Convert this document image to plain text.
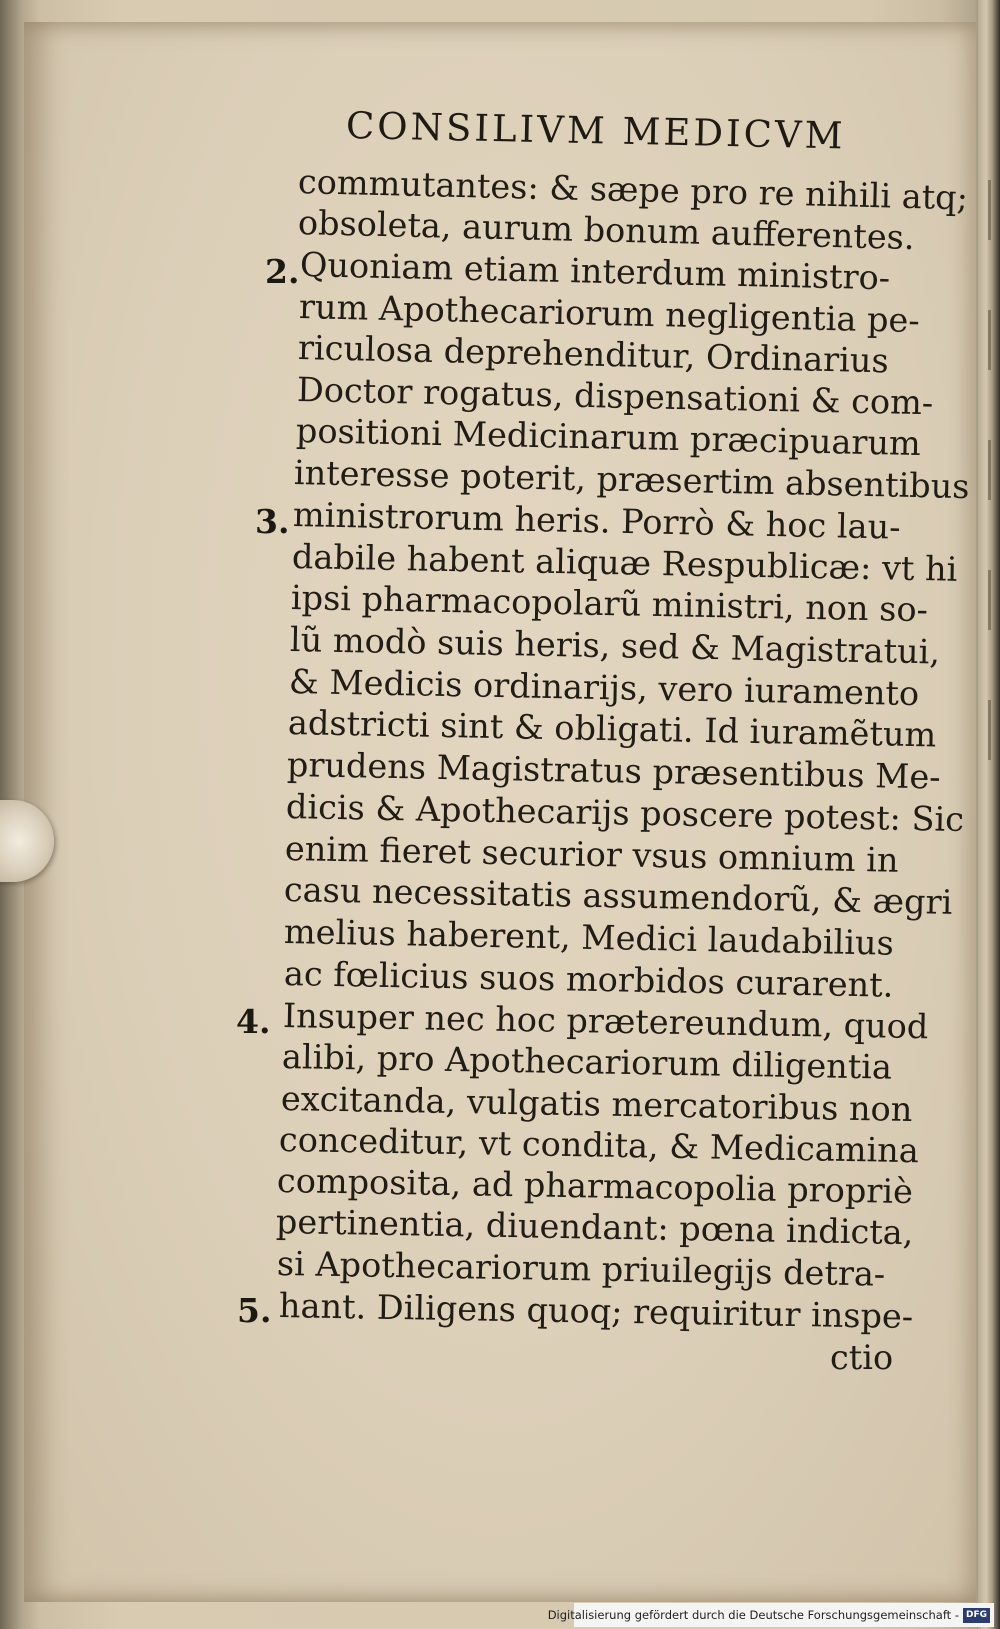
CONSILIVM MEDICVM
commutantes: & sæpe pro re nihili atq;
obsoleta, aurum bonum aufferentes.
Quoniam etiam interdum ministro-
rum Apothecariorum negligentia pe-
riculosa deprehenditur, Ordinarius
Doctor rogatus, dispensationi & com-
positioni Medicinarum præcipuarum
interesse poterit, præsertim absentibus
ministrorum heris. Porrò & hoc lau-
dabile habent aliquæ Respublicæ: vt hi
ipsi pharmacopolarũ ministri, non so-
lũ modò suis heris, sed & Magistratui,
& Medicis ordinarijs, vero iuramento
adstricti sint & obligati. Id iuramẽtum
prudens Magistratus præsentibus Me-
dicis & Apothecarijs poscere potest: Sic
enim fieret securior vsus omnium in
casu necessitatis assumendorũ, & ægri
melius haberent, Medici laudabilius
ac fœlicius suos morbidos curarent.
Insuper nec hoc prætereundum, quod
alibi, pro Apothecariorum diligentia
excitanda, vulgatis mercatoribus non
conceditur, vt condita, & Medicamina
composita, ad pharmacopolia propriè
pertinentia, diuendant: pœna indicta,
si Apothecariorum priuilegijs detra-
hant. Diligens quoq; requiritur inspe-
ctio
2.
3.
4.
5.
Digitalisierung gefördert durch die Deutsche Forschungsgemeinschaft - DFG
